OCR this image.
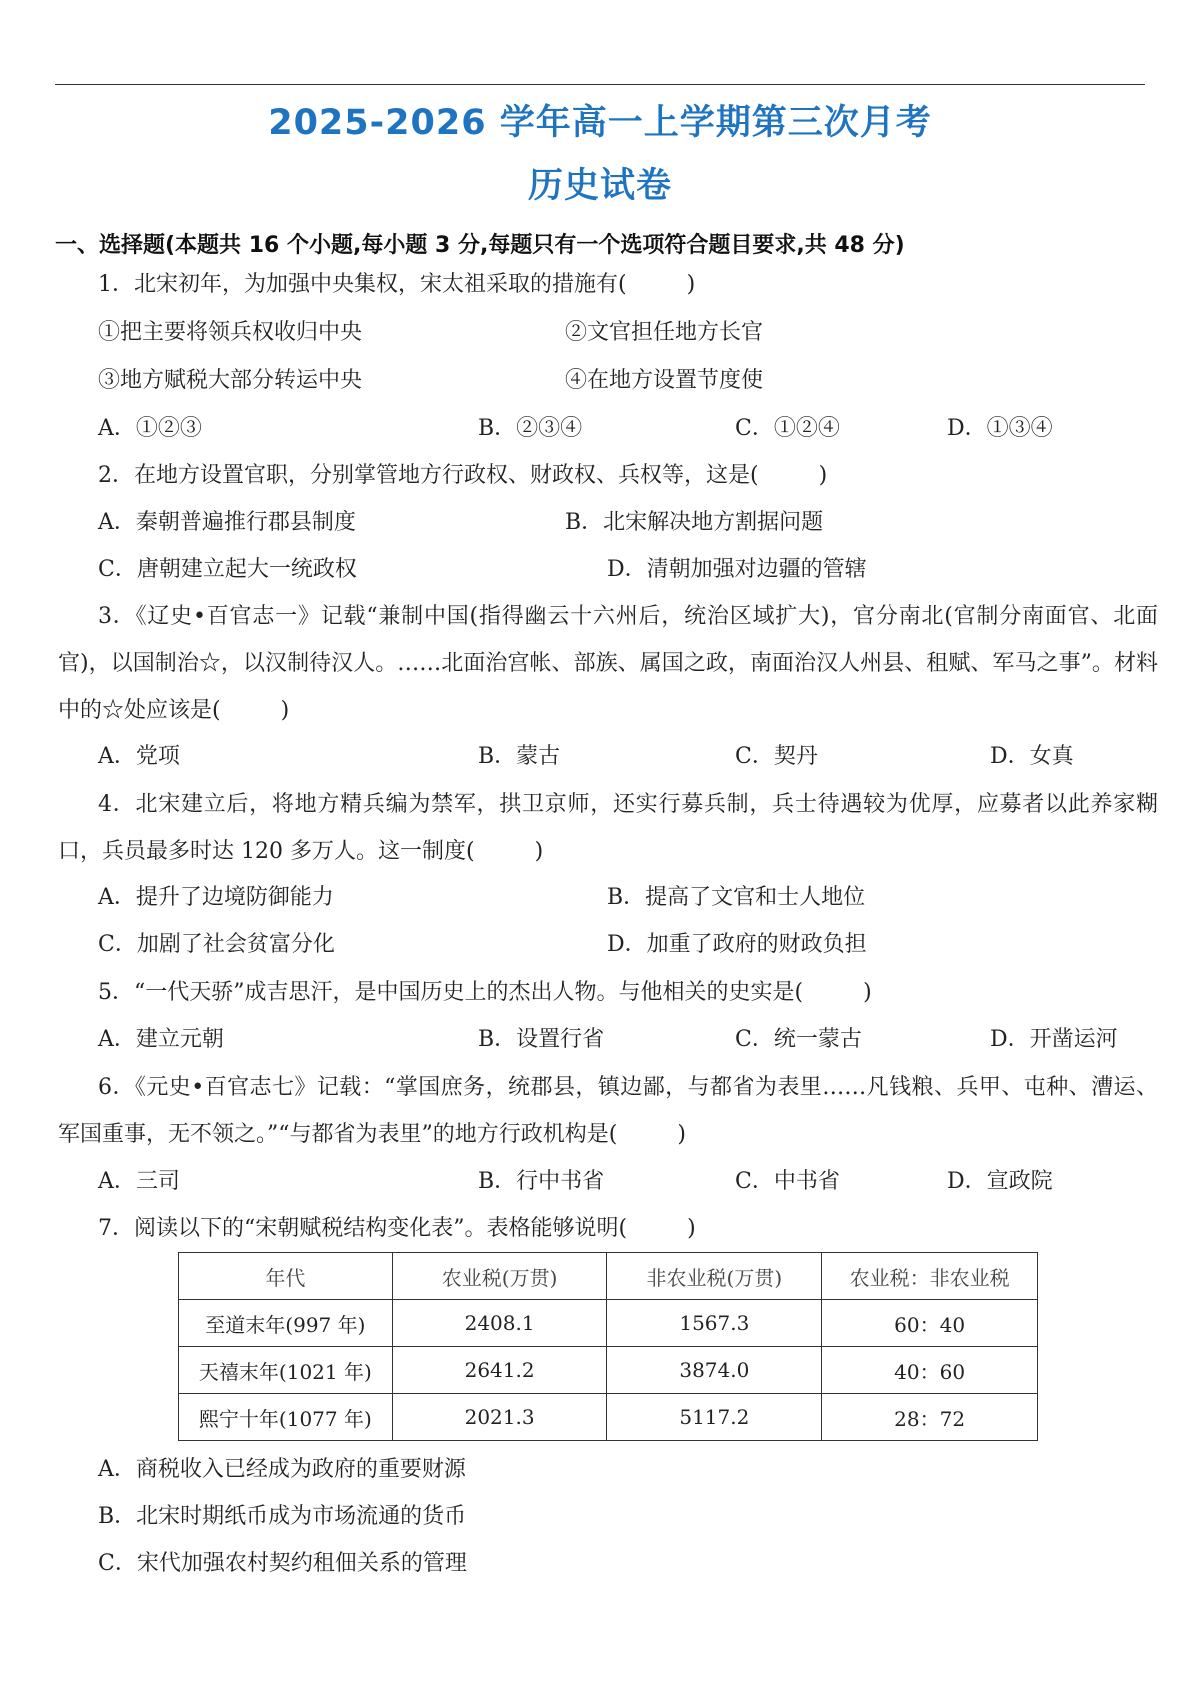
2025-2026 学年高一上学期第三次月考
历史试卷
一、选择题(本题共 16 个小题,每小题 3 分,每题只有一个选项符合题目要求,共 48 分)
1．北宋初年，为加强中央集权，宋太祖采取的措施有(	)
①把主要将领兵权收归中央	②文官担任地方长官
③地方赋税大部分转运中央	④在地方设置节度使
A．①②③	B．②③④	C．①②④	D．①③④
2．在地方设置官职，分别掌管地方行政权、财政权、兵权等，这是(	)
A．秦朝普遍推行郡县制度	B．北宋解决地方割据问题
C．唐朝建立起大一统政权	D．清朝加强对边疆的管辖
3．《辽史•百官志一》记载“兼制中国(指得幽云十六州后，统治区域扩大)，官分南北(官制分南面官、北面官)，以国制治☆，以汉制待汉人。……北面治宫帐、部族、属国之政，南面治汉人州县、租赋、军马之事”。材料中的☆处应该是(	)
A．党项	B．蒙古	C．契丹	D．女真
4．北宋建立后，将地方精兵编为禁军，拱卫京师，还实行募兵制，兵士待遇较为优厚，应募者以此养家糊口，兵员最多时达 120 多万人。这一制度(	)
A．提升了边境防御能力	B．提高了文官和士人地位
C．加剧了社会贫富分化	D．加重了政府的财政负担
5．“一代天骄”成吉思汗，是中国历史上的杰出人物。与他相关的史实是(	)
A．建立元朝	B．设置行省	C．统一蒙古	D．开凿运河
6．《元史•百官志七》记载：“掌国庶务，统郡县，镇边鄙，与都省为表里……凡钱粮、兵甲、屯种、漕运、军国重事，无不领之。”“与都省为表里”的地方行政机构是(	)
A．三司	B．行中书省	C．中书省	D．宣政院
7．阅读以下的“宋朝赋税结构变化表”。表格能够说明(	)
年代	农业税(万贯)	非农业税(万贯)	农业税：非农业税
至道末年(997 年)	2408.1	1567.3	60：40
天禧末年(1021 年)	2641.2	3874.0	40：60
熙宁十年(1077 年)	2021.3	5117.2	28：72
A．商税收入已经成为政府的重要财源
B．北宋时期纸币成为市场流通的货币
C．宋代加强农村契约租佃关系的管理
